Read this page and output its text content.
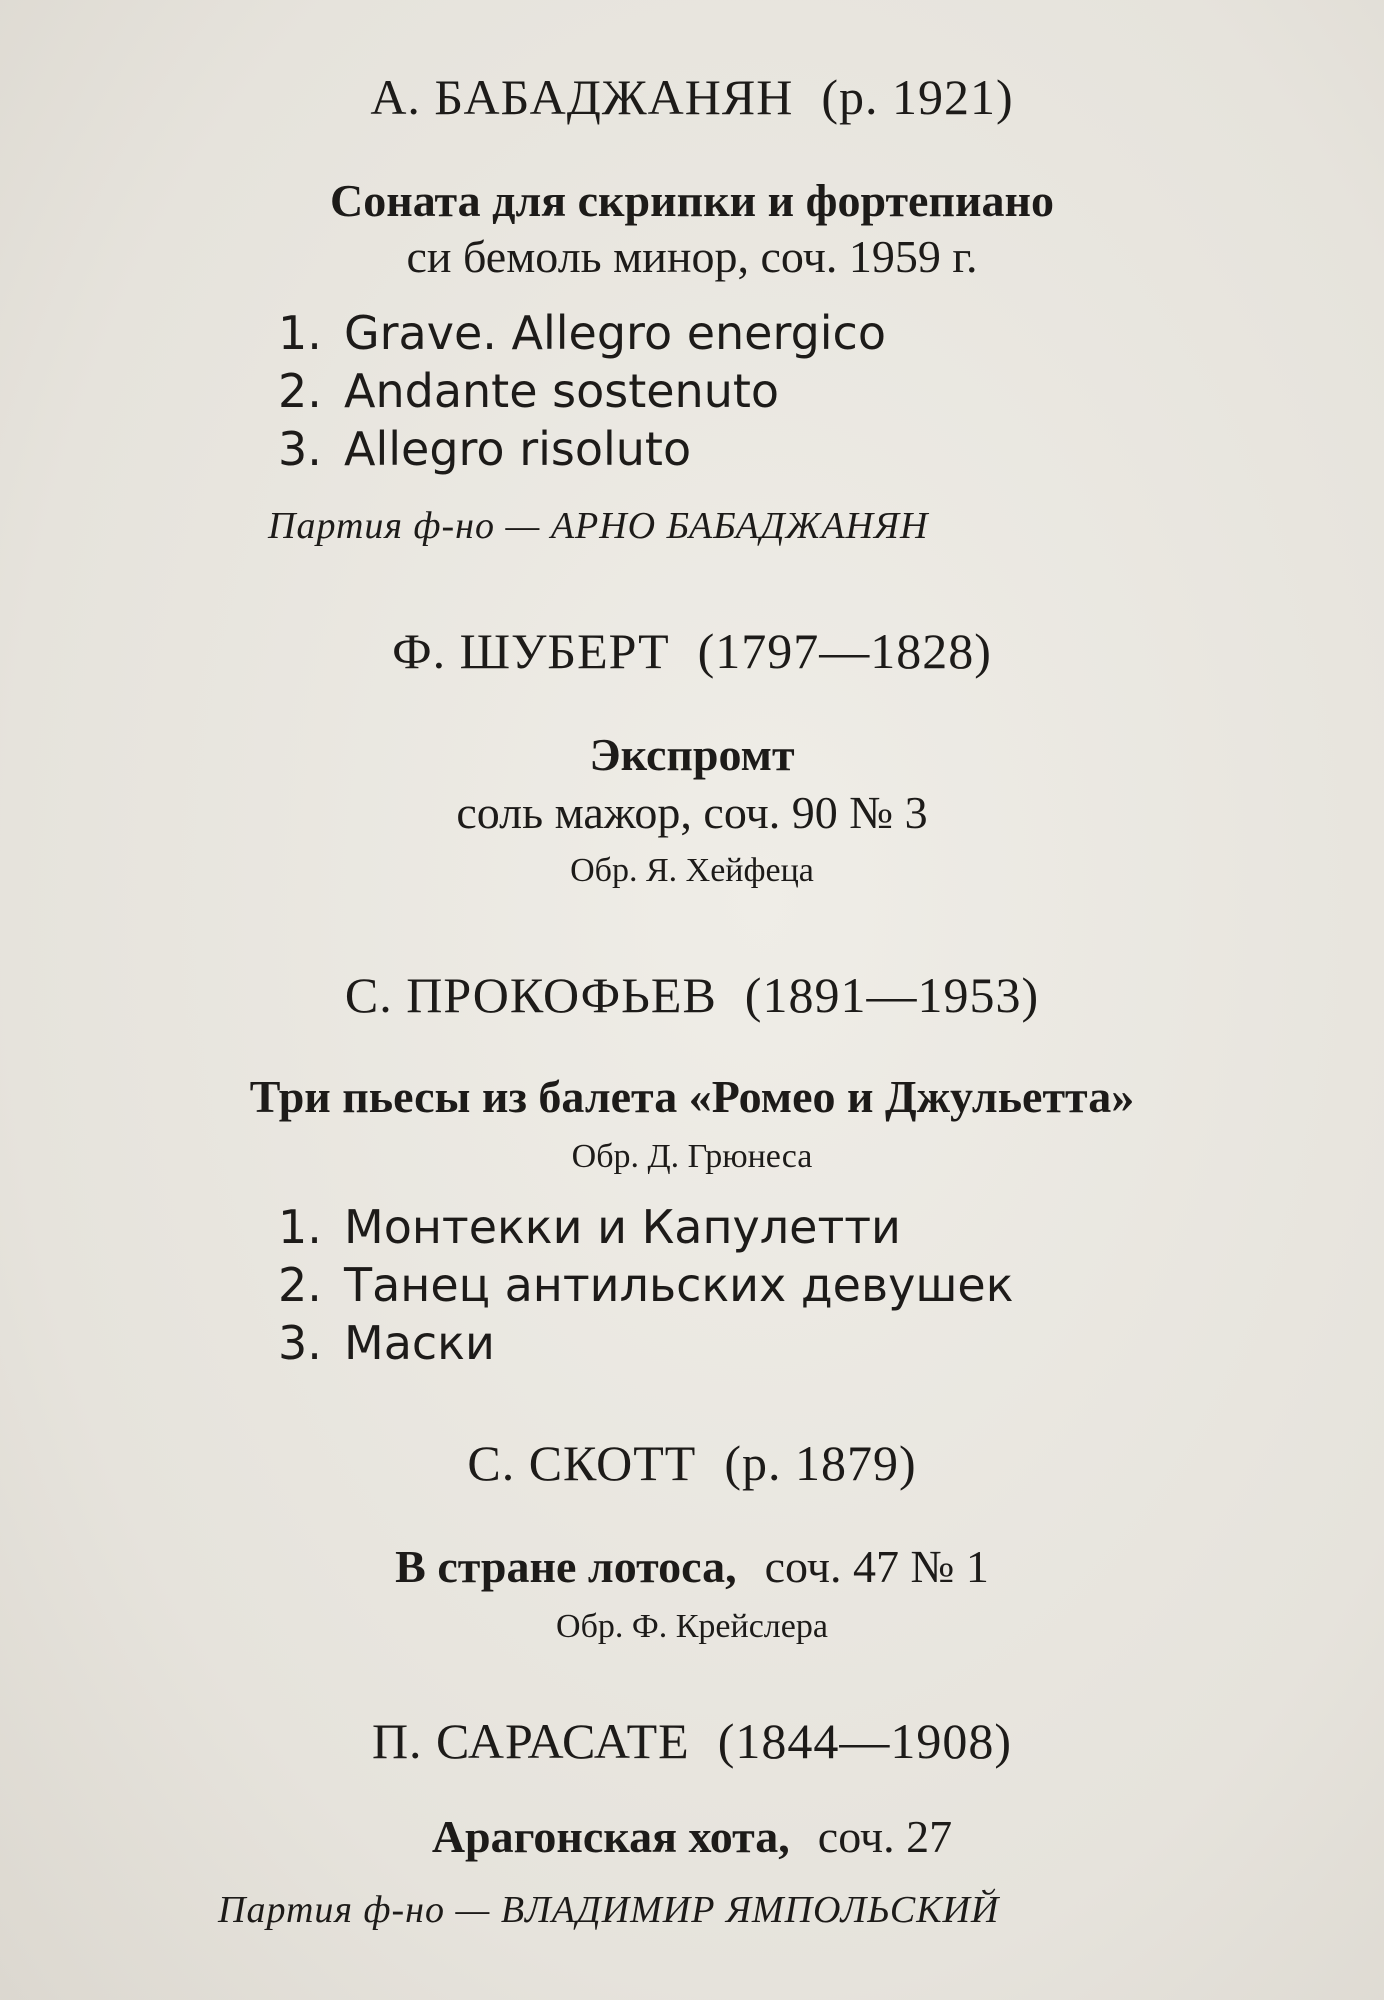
А. БАБАДЖАНЯН (р. 1921)
Соната для скрипки и фортепиано
си бемоль минор, соч. 1959 г.
1. Grave. Allegro energico
2. Andante sostenuto
3. Allegro risoluto
Партия ф-но — АРНО БАБАДЖАНЯН
Ф. ШУБЕРТ (1797—1828)
Экспромт
соль мажор, соч. 90 № 3
Обр. Я. Хейфеца
С. ПРОКОФЬЕВ (1891—1953)
Три пьесы из балета «Ромео и Джульетта»
Обр. Д. Грюнеса
1. Монтекки и Капулетти
2. Танец антильских девушек
3. Маски
С. СКОТТ (р. 1879)
В стране лотоса, соч. 47 № 1
Обр. Ф. Крейслера
П. САРАСАТЕ (1844—1908)
Арагонская хота, соч. 27
Партия ф-но — ВЛАДИМИР ЯМПОЛЬСКИЙ
